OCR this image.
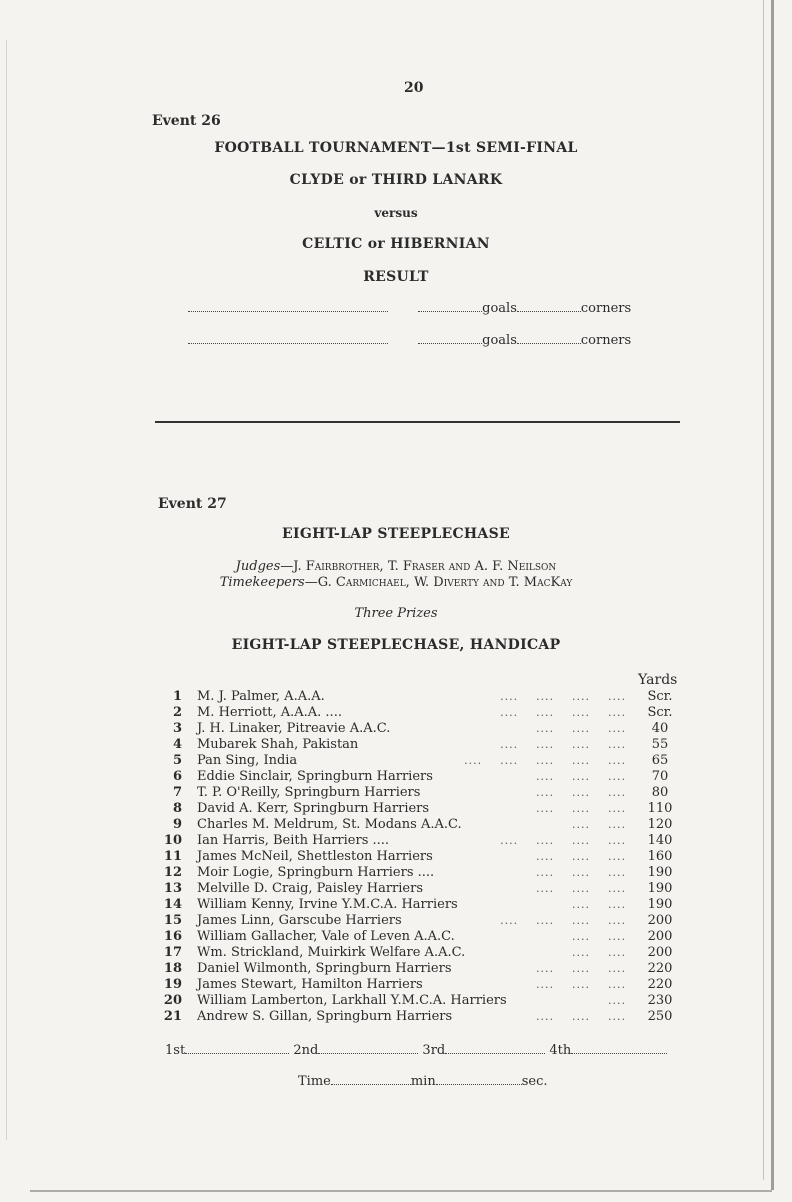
20
Event 26
FOOTBALL TOURNAMENT—1st SEMI-FINAL
CLYDE or THIRD LANARK
versus
CELTIC or HIBERNIAN
RESULT
goals	corners
goals	corners
Event 27
EIGHT-LAP STEEPLECHASE
Judges—J. Fairbrother, T. Fraser and A. F. Neilson
Timekeepers—G. Carmichael, W. Diverty and T. MacKay
Three Prizes
EIGHT-LAP STEEPLECHASE, HANDICAP
Yards
1 M. J. Palmer, A.A.A.	....    ....    ....    ....	Scr.
2 M. Herriott, A.A.A. ....	....    ....    ....    ....	Scr.
3 J. H. Linaker, Pitreavie A.A.C.	....    ....    ....	40
4 Mubarek Shah, Pakistan	....    ....    ....    ....	55
5 Pan Sing, India	....    ....    ....    ....    ....	65
6 Eddie Sinclair, Springburn Harriers	....    ....    ....	70
7 T. P. O'Reilly, Springburn Harriers	....    ....    ....	80
8 David A. Kerr, Springburn Harriers	....    ....    ....	110
9 Charles M. Meldrum, St. Modans A.A.C.	....    ....	120
10 Ian Harris, Beith Harriers ....	....    ....    ....    ....	140
11 James McNeil, Shettleston Harriers	....    ....    ....	160
12 Moir Logie, Springburn Harriers ....	....    ....    ....	190
13 Melville D. Craig, Paisley Harriers	....    ....    ....	190
14 William Kenny, Irvine Y.M.C.A. Harriers	....    ....	190
15 James Linn, Garscube Harriers	....    ....    ....    ....	200
16 William Gallacher, Vale of Leven A.A.C.	....    ....	200
17 Wm. Strickland, Muirkirk Welfare A.A.C.	....    ....	200
18 Daniel Wilmonth, Springburn Harriers	....    ....    ....	220
19 James Stewart, Hamilton Harriers	....    ....    ....	220
20 William Lamberton, Larkhall Y.M.C.A. Harriers	....	230
21 Andrew S. Gillan, Springburn Harriers	....    ....    ....	250
1st	2nd	3rd	4th
Time	min	sec.
